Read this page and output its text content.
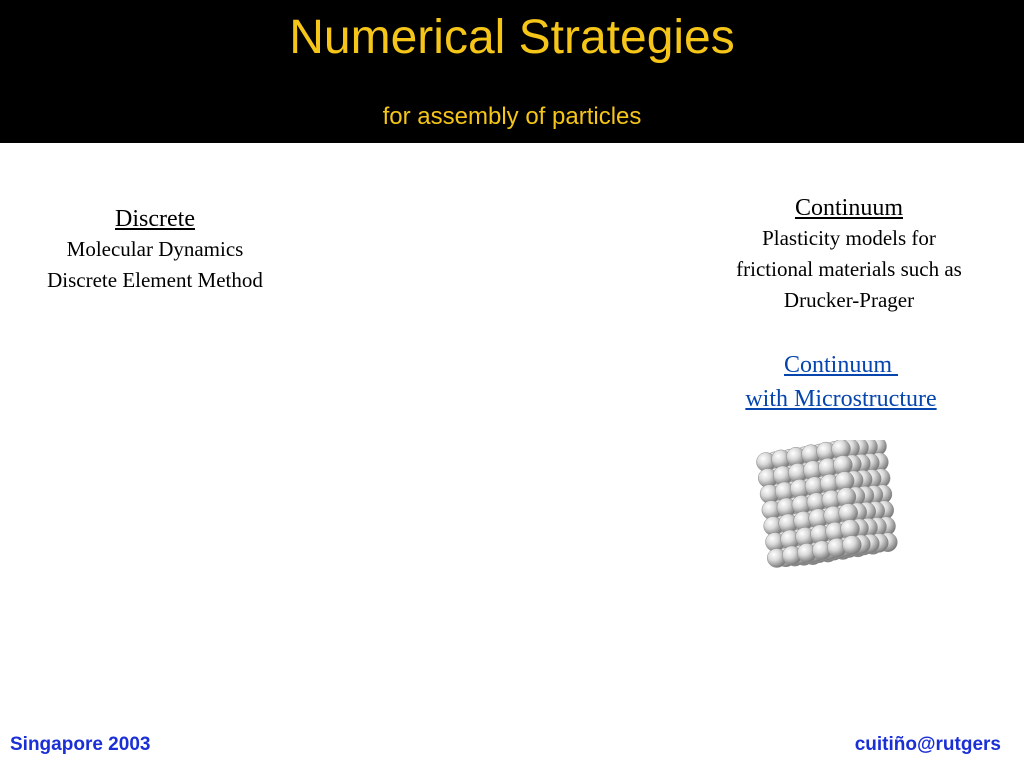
Numerical Strategies
for assembly of particles
Discrete
Molecular Dynamics
Discrete Element Method
Continuum
Plasticity models for
frictional materials such as
Drucker-Prager
Continuum
with Microstructure
Singapore 2003	cuitiño@rutgers
